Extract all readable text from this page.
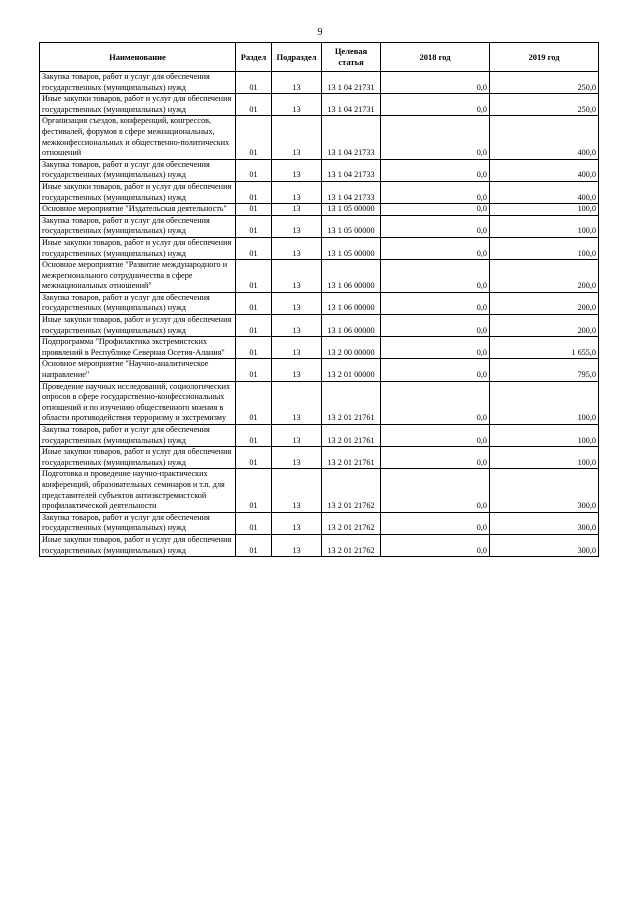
9
Наименование	Раздел	Подраздел	Целевая статья	2018 год	2019 год
Закупка товаров, работ и услуг для обеспечения государственных (муниципальных) нужд	01	13	13 1 04 21731	0,0	250,0
Иные закупки товаров, работ и услуг для обеспечения государственных (муниципальных) нужд	01	13	13 1 04 21731	0,0	250,0
Организация съездов, конференций, конгрессов, фестивалей, форумов в сфере межнациональных, межконфессиональных и общественно-политических отношений	01	13	13 1 04 21733	0,0	400,0
Закупка товаров, работ и услуг для обеспечения государственных (муниципальных) нужд	01	13	13 1 04 21733	0,0	400,0
Иные закупки товаров, работ и услуг для обеспечения государственных (муниципальных) нужд	01	13	13 1 04 21733	0,0	400,0
Основное мероприятие "Издательская деятельность"	01	13	13 1 05 00000	0,0	100,0
Закупка товаров, работ и услуг для обеспечения государственных (муниципальных) нужд	01	13	13 1 05 00000	0,0	100,0
Иные закупки товаров, работ и услуг для обеспечения государственных (муниципальных) нужд	01	13	13 1 05 00000	0,0	100,0
Основное мероприятие "Развитие международного и межрегионального сотрудничества в сфере межнациональных отношений"	01	13	13 1 06 00000	0,0	200,0
Закупка товаров, работ и услуг для обеспечения государственных (муниципальных) нужд	01	13	13 1 06 00000	0,0	200,0
Иные закупки товаров, работ и услуг для обеспечения государственных (муниципальных) нужд	01	13	13 1 06 00000	0,0	200,0
Подпрограмма "Профилактика экстремистских проявлений в Республике Северная Осетия-Алания"	01	13	13 2 00 00000	0,0	1 655,0
Основное мероприятие "Научно-аналитическое направление"	01	13	13 2 01 00000	0,0	795,0
Проведение научных исследований, социологических опросов в сфере государственно-конфессиональных отношений и по изучению общественного мнения в области противодействия терроризму и экстремизму	01	13	13 2 01 21761	0,0	100,0
Закупка товаров, работ и услуг для обеспечения государственных (муниципальных) нужд	01	13	13 2 01 21761	0,0	100,0
Иные закупки товаров, работ и услуг для обеспечения государственных (муниципальных) нужд	01	13	13 2 01 21761	0,0	100,0
Подготовка и проведение научно-практических конференций, образовательных семинаров и т.п. для представителей субъектов антиэкстремистской профилактической деятельности	01	13	13 2 01 21762	0,0	300,0
Закупка товаров, работ и услуг для обеспечения государственных (муниципальных) нужд	01	13	13 2 01 21762	0,0	300,0
Иные закупки товаров, работ и услуг для обеспечения государственных (муниципальных) нужд	01	13	13 2 01 21762	0,0	300,0
